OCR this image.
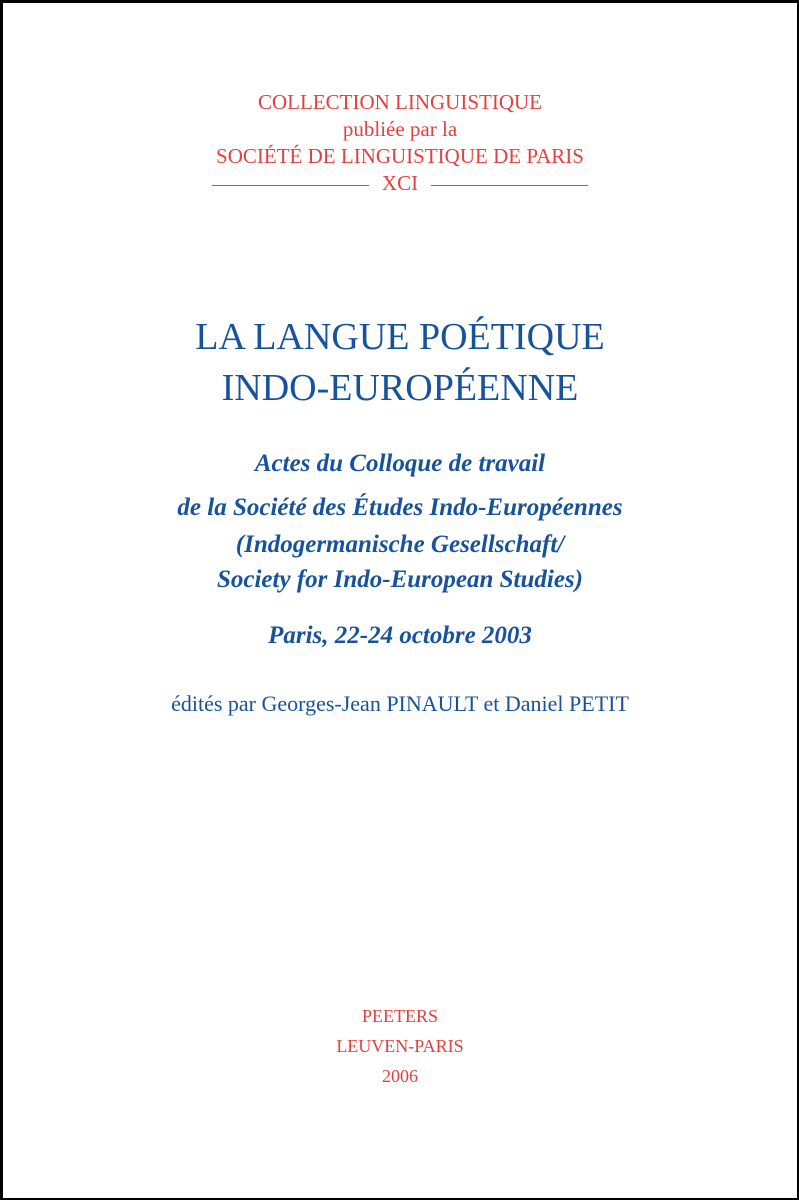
COLLECTION LINGUISTIQUE
publiée par la
SOCIÉTÉ DE LINGUISTIQUE DE PARIS
XCI
LA LANGUE POÉTIQUE
INDO-EUROPÉENNE
Actes du Colloque de travail
de la Société des Études Indo-Européennes
(Indogermanische Gesellschaft/
Society for Indo-European Studies)
Paris, 22-24 octobre 2003
édités par Georges-Jean PINAULT et Daniel PETIT
PEETERS
LEUVEN-PARIS
2006
